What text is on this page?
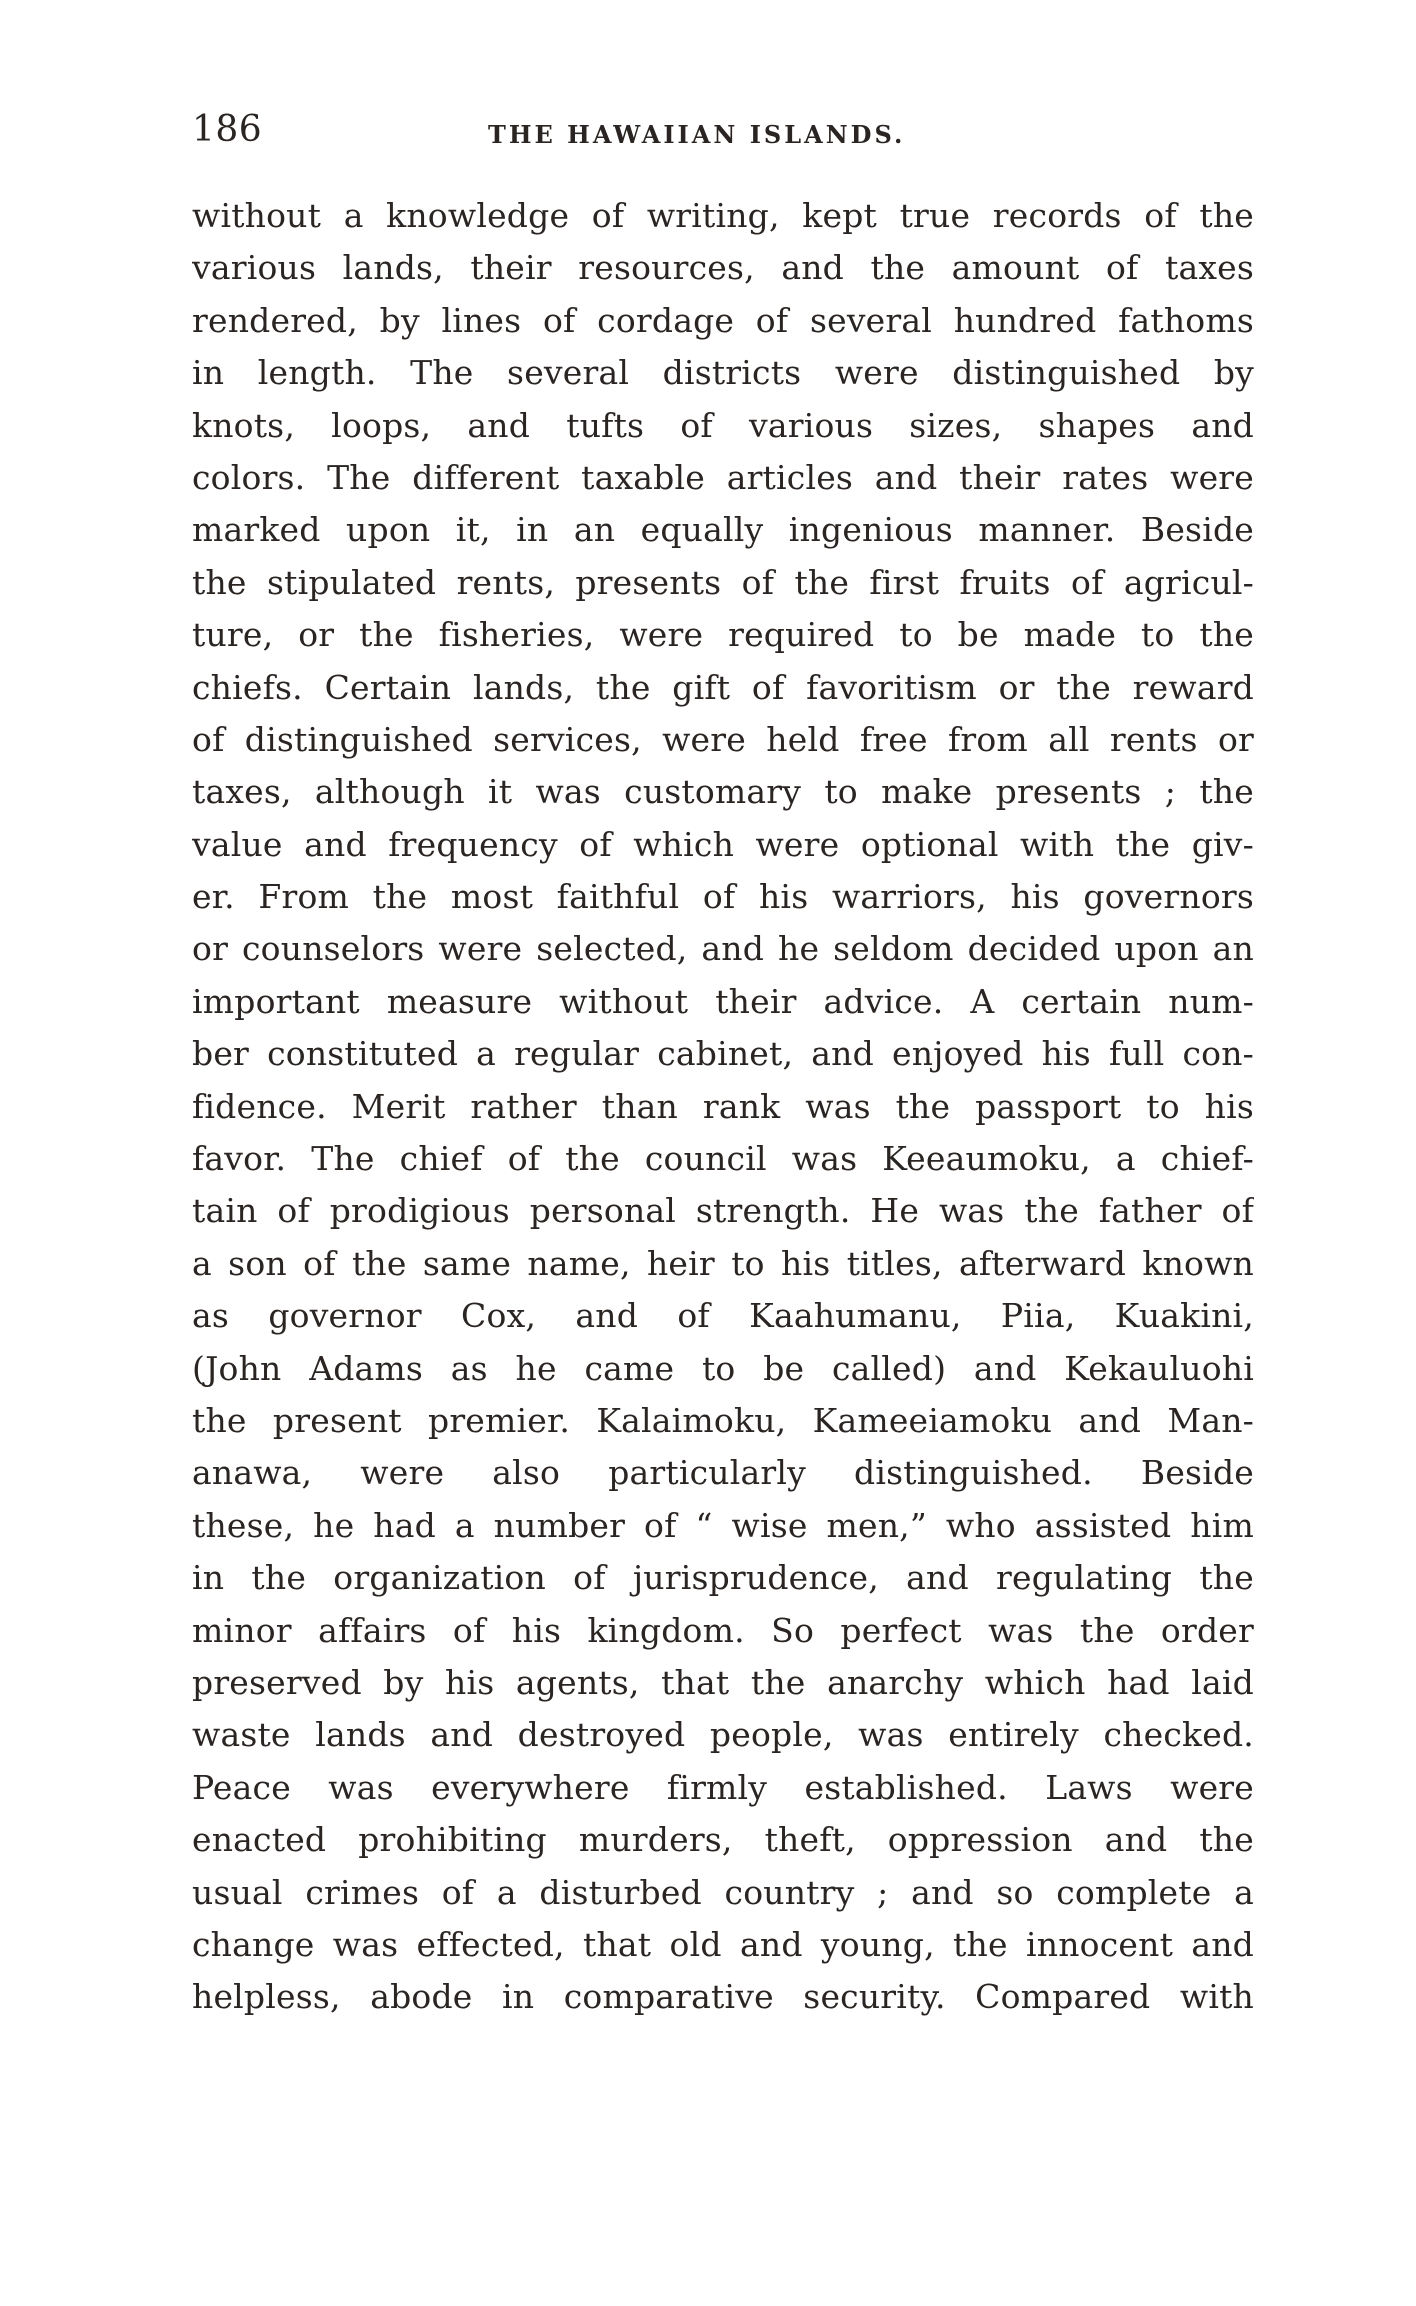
186	THE HAWAIIAN ISLANDS.
without a knowledge of writing, kept true records of the
various lands, their resources, and the amount of taxes
rendered, by lines of cordage of several hundred fathoms
in length. The several districts were distinguished by
knots, loops, and tufts of various sizes, shapes and
colors. The different taxable articles and their rates were
marked upon it, in an equally ingenious manner. Beside
the stipulated rents, presents of the first fruits of agricul-
ture, or the fisheries, were required to be made to the
chiefs. Certain lands, the gift of favoritism or the reward
of distinguished services, were held free from all rents or
taxes, although it was customary to make presents ; the
value and frequency of which were optional with the giv-
er. From the most faithful of his warriors, his governors
or counselors were selected, and he seldom decided upon an
important measure without their advice. A certain num-
ber constituted a regular cabinet, and enjoyed his full con-
fidence. Merit rather than rank was the passport to his
favor. The chief of the council was Keeaumoku, a chief-
tain of prodigious personal strength. He was the father of
a son of the same name, heir to his titles, afterward known
as governor Cox, and of Kaahumanu, Piia, Kuakini,
(John Adams as he came to be called) and Kekauluohi
the present premier. Kalaimoku, Kameeiamoku and Man-
anawa, were also particularly distinguished. Beside
these, he had a number of “ wise men,” who assisted him
in the organization of jurisprudence, and regulating the
minor affairs of his kingdom. So perfect was the order
preserved by his agents, that the anarchy which had laid
waste lands and destroyed people, was entirely checked.
Peace was everywhere firmly established. Laws were
enacted prohibiting murders, theft, oppression and the
usual crimes of a disturbed country ; and so complete a
change was effected, that old and young, the innocent and
helpless, abode in comparative security. Compared with
